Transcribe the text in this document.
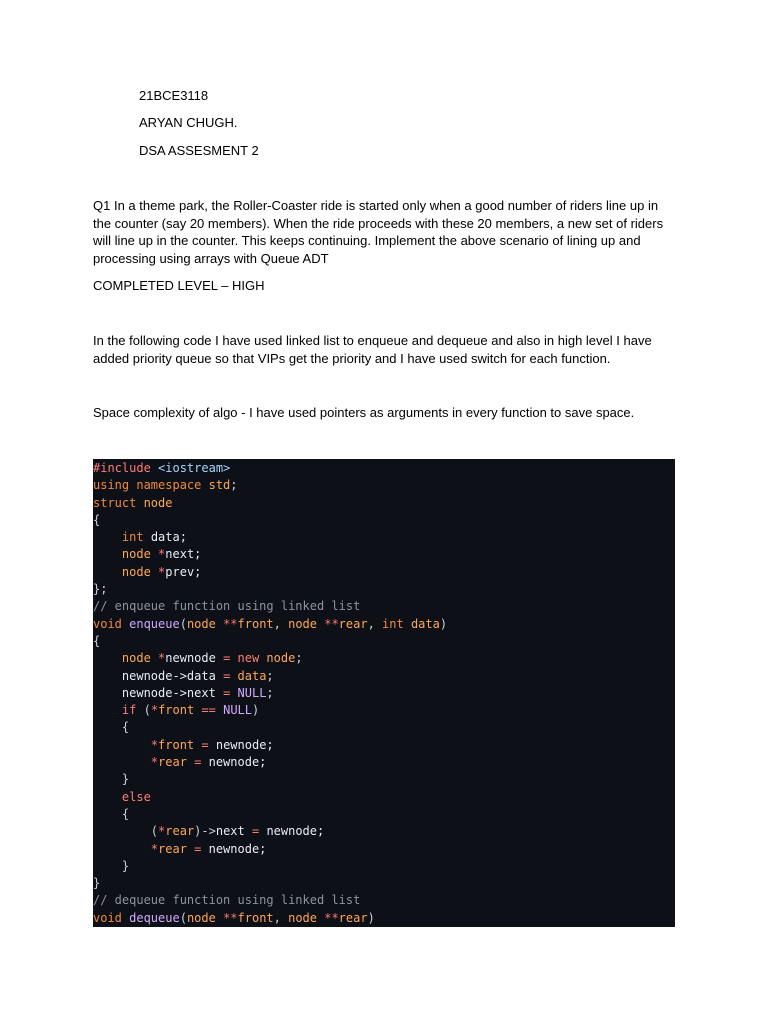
21BCE3118
ARYAN CHUGH.
DSA ASSESMENT 2

Q1 In a theme park, the Roller-Coaster ride is started only when a good number of riders line up in the counter (say 20 members). When the ride proceeds with these 20 members, a new set of riders will line up in the counter. This keeps continuing. Implement the above scenario of lining up and processing using arrays with Queue ADT

COMPLETED LEVEL – HIGH

In the following code I have used linked list to enqueue and dequeue and also in high level I have added priority queue so that VIPs get the priority and I have used switch for each function.

Space complexity of algo - I have used pointers as arguments in every function to save space.

#include <iostream>
using namespace std;
struct node
{
int data;
node *next;
node *prev;
};
// enqueue function using linked list
void enqueue(node **front, node **rear, int data)
{
node *newnode = new node;
newnode->data = data;
newnode->next = NULL;
if (*front == NULL)
{
*front = newnode;
*rear = newnode;
}
else
{
(*rear)->next = newnode;
*rear = newnode;
}
}
// dequeue function using linked list
void dequeue(node **front, node **rear)
